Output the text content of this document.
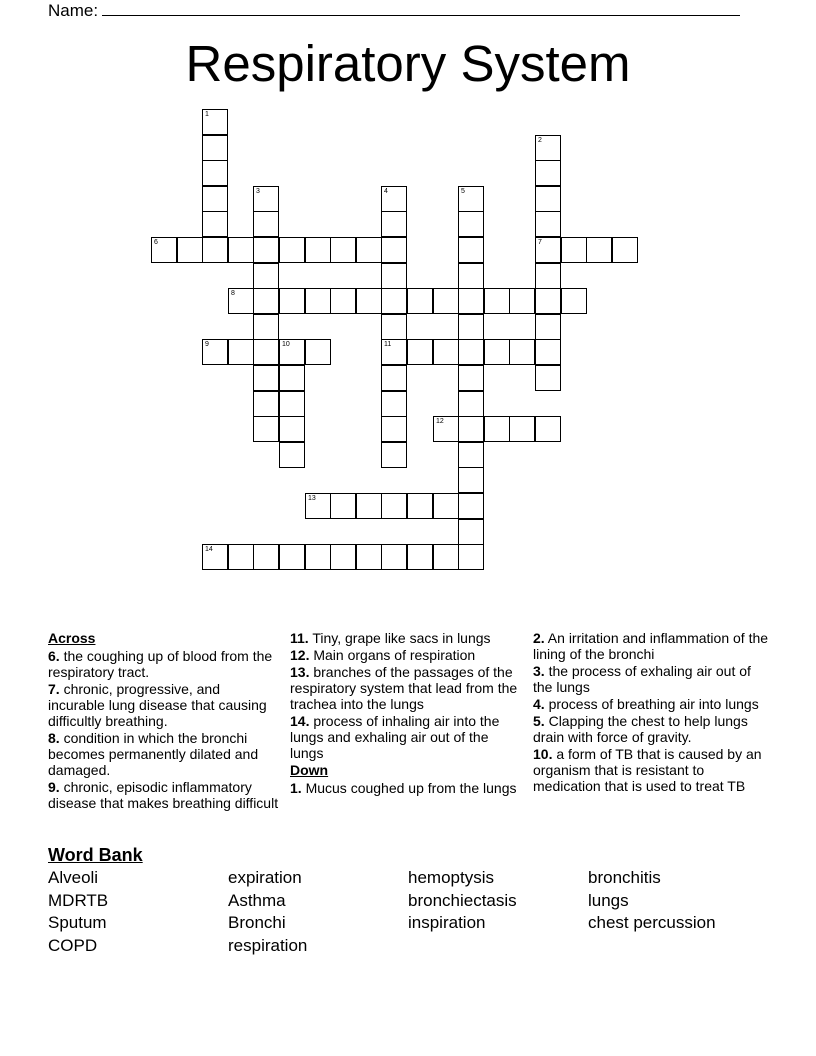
Name:
Respiratory System
1
2
7
3	4	5
6
8
9	10	11
12
13
14
Across
6. the coughing up of blood from the respiratory tract.
7. chronic, progressive, and incurable lung disease that causing difficultly breathing.
8. condition in which the bronchi becomes permanently dilated and damaged.
9. chronic, episodic inflammatory disease that makes breathing difficult
11. Tiny, grape like sacs in lungs
12. Main organs of respiration
13. branches of the passages of the respiratory system that lead from the trachea into the lungs
14. process of inhaling air into the lungs and exhaling air out of the lungs
Down
1. Mucus coughed up from the lungs
2. An irritation and inflammation of the lining of the bronchi
3. the process of exhaling air out of the lungs
4. process of breathing air into lungs
5. Clapping the chest to help lungs drain with force of gravity.
10. a form of TB that is caused by an organism that is resistant to medication that is used to treat TB
Word Bank
Alveoli	expiration	hemoptysis	bronchitis
MDRTB	Asthma	bronchiectasis	lungs
Sputum	Bronchi	inspiration	chest percussion
COPD	respiration
